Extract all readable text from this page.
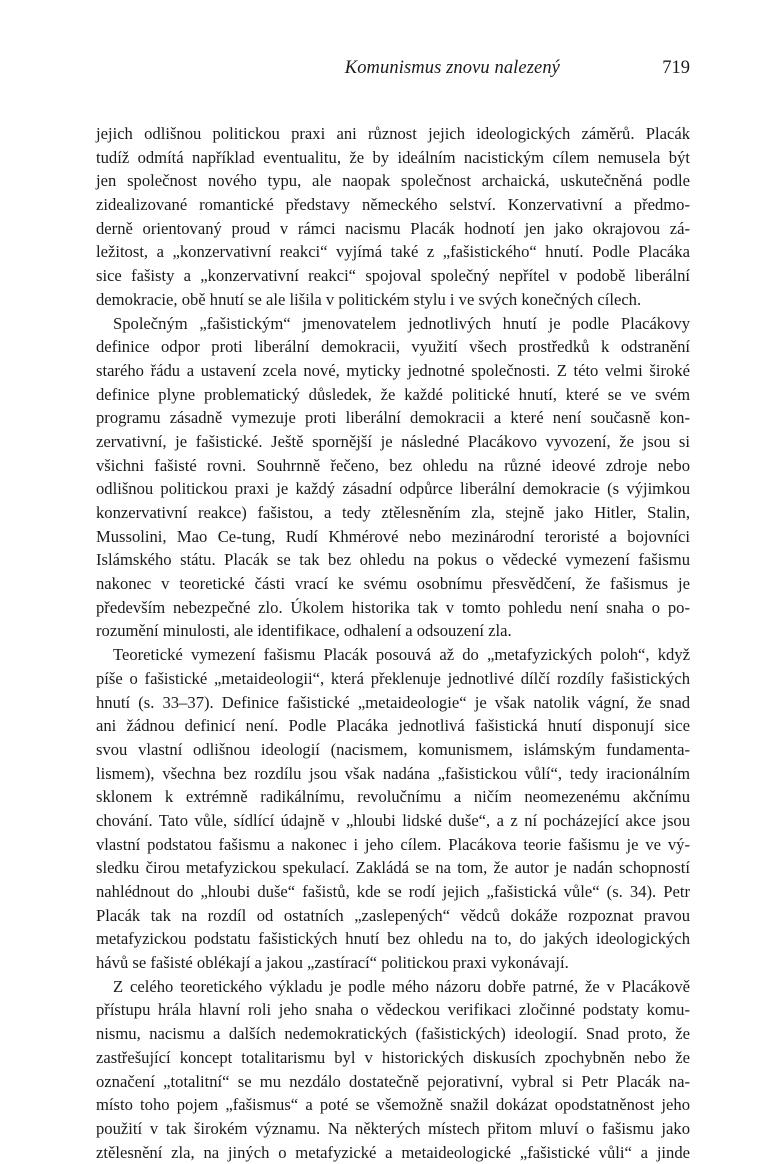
Komunismus znovu nalezený	719
jejich odlišnou politickou praxi ani různost jejich ideologických záměrů. Placák
tudíž odmítá například eventualitu, že by ideálním nacistickým cílem nemusela být
jen společnost nového typu, ale naopak společnost archaická, uskutečněná podle
zidealizované romantické představy německého selství. Konzervativní a předmo-
derně orientovaný proud v rámci nacismu Placák hodnotí jen jako okrajovou zá-
ležitost, a „konzervativní reakci“ vyjímá také z „fašistického“ hnutí. Podle Placáka
sice fašisty a „konzervativní reakci“ spojoval společný nepřítel v podobě liberální
demokracie, obě hnutí se ale lišila v politickém stylu i ve svých konečných cílech.
Společným „fašistickým“ jmenovatelem jednotlivých hnutí je podle Placákovy
definice odpor proti liberální demokracii, využití všech prostředků k odstranění
starého řádu a ustavení zcela nové, myticky jednotné společnosti. Z této velmi široké
definice plyne problematický důsledek, že každé politické hnutí, které se ve svém
programu zásadně vymezuje proti liberální demokracii a které není současně kon-
zervativní, je fašistické. Ještě spornější je následné Placákovo vyvození, že jsou si
všichni fašisté rovni. Souhrnně řečeno, bez ohledu na různé ideové zdroje nebo
odlišnou politickou praxi je každý zásadní odpůrce liberální demokracie (s výjimkou
konzervativní reakce) fašistou, a tedy ztělesněním zla, stejně jako Hitler, Stalin,
Mussolini, Mao Ce-tung, Rudí Khmérové nebo mezinárodní teroristé a bojovníci
Islámského státu. Placák se tak bez ohledu na pokus o vědecké vymezení fašismu
nakonec v teoretické části vrací ke svému osobnímu přesvědčení, že fašismus je
především nebezpečné zlo. Úkolem historika tak v tomto pohledu není snaha o po-
rozumění minulosti, ale identifikace, odhalení a odsouzení zla.
Teoretické vymezení fašismu Placák posouvá až do „metafyzických poloh“, když
píše o fašistické „metaideologii“, která překlenuje jednotlivé dílčí rozdíly fašistických
hnutí (s. 33–37). Definice fašistické „metaideologie“ je však natolik vágní, že snad
ani žádnou definicí není. Podle Placáka jednotlivá fašistická hnutí disponují sice
svou vlastní odlišnou ideologií (nacismem, komunismem, islámským fundamenta-
lismem), všechna bez rozdílu jsou však nadána „fašistickou vůlí“, tedy iracionálním
sklonem k extrémně radikálnímu, revolučnímu a ničím neomezenému akčnímu
chování. Tato vůle, sídlící údajně v „hloubi lidské duše“, a z ní pocházející akce jsou
vlastní podstatou fašismu a nakonec i jeho cílem. Placákova teorie fašismu je ve vý-
sledku čirou metafyzickou spekulací. Zakládá se na tom, že autor je nadán schopností
nahlédnout do „hloubi duše“ fašistů, kde se rodí jejich „fašistická vůle“ (s. 34). Petr
Placák tak na rozdíl od ostatních „zaslepených“ vědců dokáže rozpoznat pravou
metafyzickou podstatu fašistických hnutí bez ohledu na to, do jakých ideologických
hávů se fašisté oblékají a jakou „zastírací“ politickou praxi vykonávají.
Z celého teoretického výkladu je podle mého názoru dobře patrné, že v Placákově
přístupu hrála hlavní roli jeho snaha o vědeckou verifikaci zločinné podstaty komu-
nismu, nacismu a dalších nedemokratických (fašistických) ideologií. Snad proto, že
zastřešující koncept totalitarismu byl v historických diskusích zpochybněn nebo že
označení „totalitní“ se mu nezdálo dostatečně pejorativní, vybral si Petr Placák na-
místo toho pojem „fašismus“ a poté se všemožně snažil dokázat opodstatněnost jeho
použití v tak širokém významu. Na některých místech přitom mluví o fašismu jako
ztělesnění zla, na jiných o metafyzické a metaideologické „fašistické vůli“ a jinde
